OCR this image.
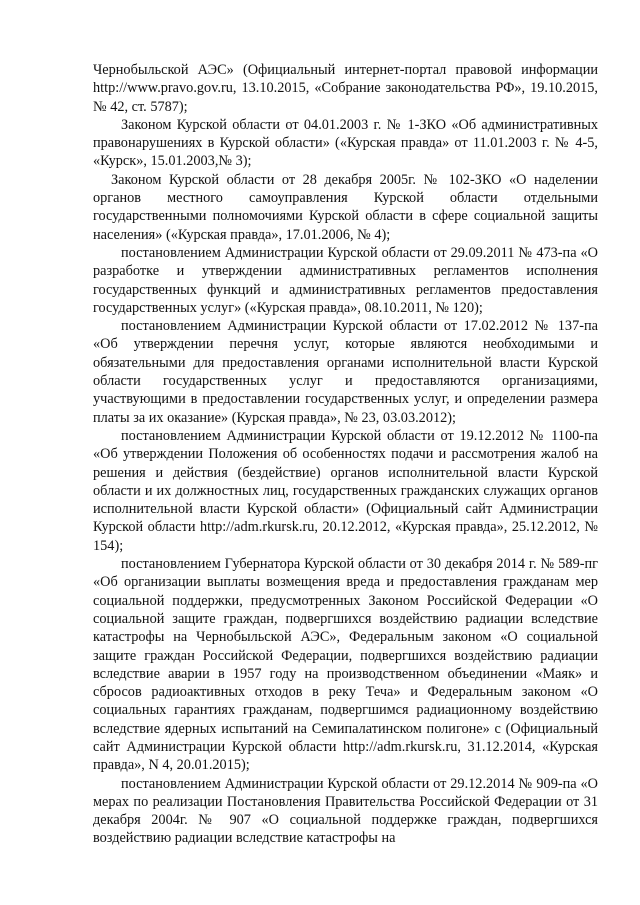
Чернобыльской АЭС» (Официальный интернет-портал правовой информации http://www.pravo.gov.ru, 13.10.2015, «Собрание законодательства РФ», 19.10.2015, № 42, ст. 5787);

Законом Курской области от 04.01.2003 г. № 1-ЗКО «Об административных правонарушениях в Курской области» («Курская правда» от 11.01.2003 г. № 4-5, «Курск», 15.01.2003,№ 3);

Законом Курской области от 28 декабря 2005г. № 102-ЗКО «О наделении органов местного самоуправления Курской области отдельными государственными полномочиями Курской области в сфере социальной защиты населения» («Курская правда», 17.01.2006, № 4);

постановлением Администрации Курской области от 29.09.2011 № 473-па «О разработке и утверждении административных регламентов исполнения государственных функций и административных регламентов предоставления государственных услуг» («Курская правда», 08.10.2011, № 120);

постановлением Администрации Курской области от 17.02.2012 № 137-па «Об утверждении перечня услуг, которые являются необходимыми и обязательными для предоставления органами исполнительной власти Курской области государственных услуг и предоставляются организациями, участвующими в предоставлении государственных услуг, и определении размера платы за их оказание» (Курская правда», № 23, 03.03.2012);

постановлением Администрации Курской области от 19.12.2012 № 1100-па «Об утверждении Положения об особенностях подачи и рассмотрения жалоб на решения и действия (бездействие) органов исполнительной власти Курской области и их должностных лиц, государственных гражданских служащих органов исполнительной власти Курской области» (Официальный сайт Администрации Курской области http://adm.rkursk.ru, 20.12.2012, «Курская правда», 25.12.2012, № 154);

постановлением Губернатора Курской области от 30 декабря 2014 г. № 589-пг «Об организации выплаты возмещения вреда и предоставления гражданам мер социальной поддержки, предусмотренных Законом Российской Федерации «О социальной защите граждан, подвергшихся воздействию радиации вследствие катастрофы на Чернобыльской АЭС», Федеральным законом «О социальной защите граждан Российской Федерации, подвергшихся воздействию радиации вследствие аварии в 1957 году на производственном объединении «Маяк» и сбросов радиоактивных отходов в реку Теча» и Федеральным законом «О социальных гарантиях гражданам, подвергшимся радиационному воздействию вследствие ядерных испытаний на Семипалатинском полигоне» с (Официальный сайт Администрации Курской области http://adm.rkursk.ru, 31.12.2014, «Курская правда», N 4, 20.01.2015);

постановлением Администрации Курской области от 29.12.2014 № 909-па «О мерах по реализации Постановления Правительства Российской Федерации от 31 декабря 2004г. № 907 «О социальной поддержке граждан, подвергшихся воздействию радиации вследствие катастрофы на
